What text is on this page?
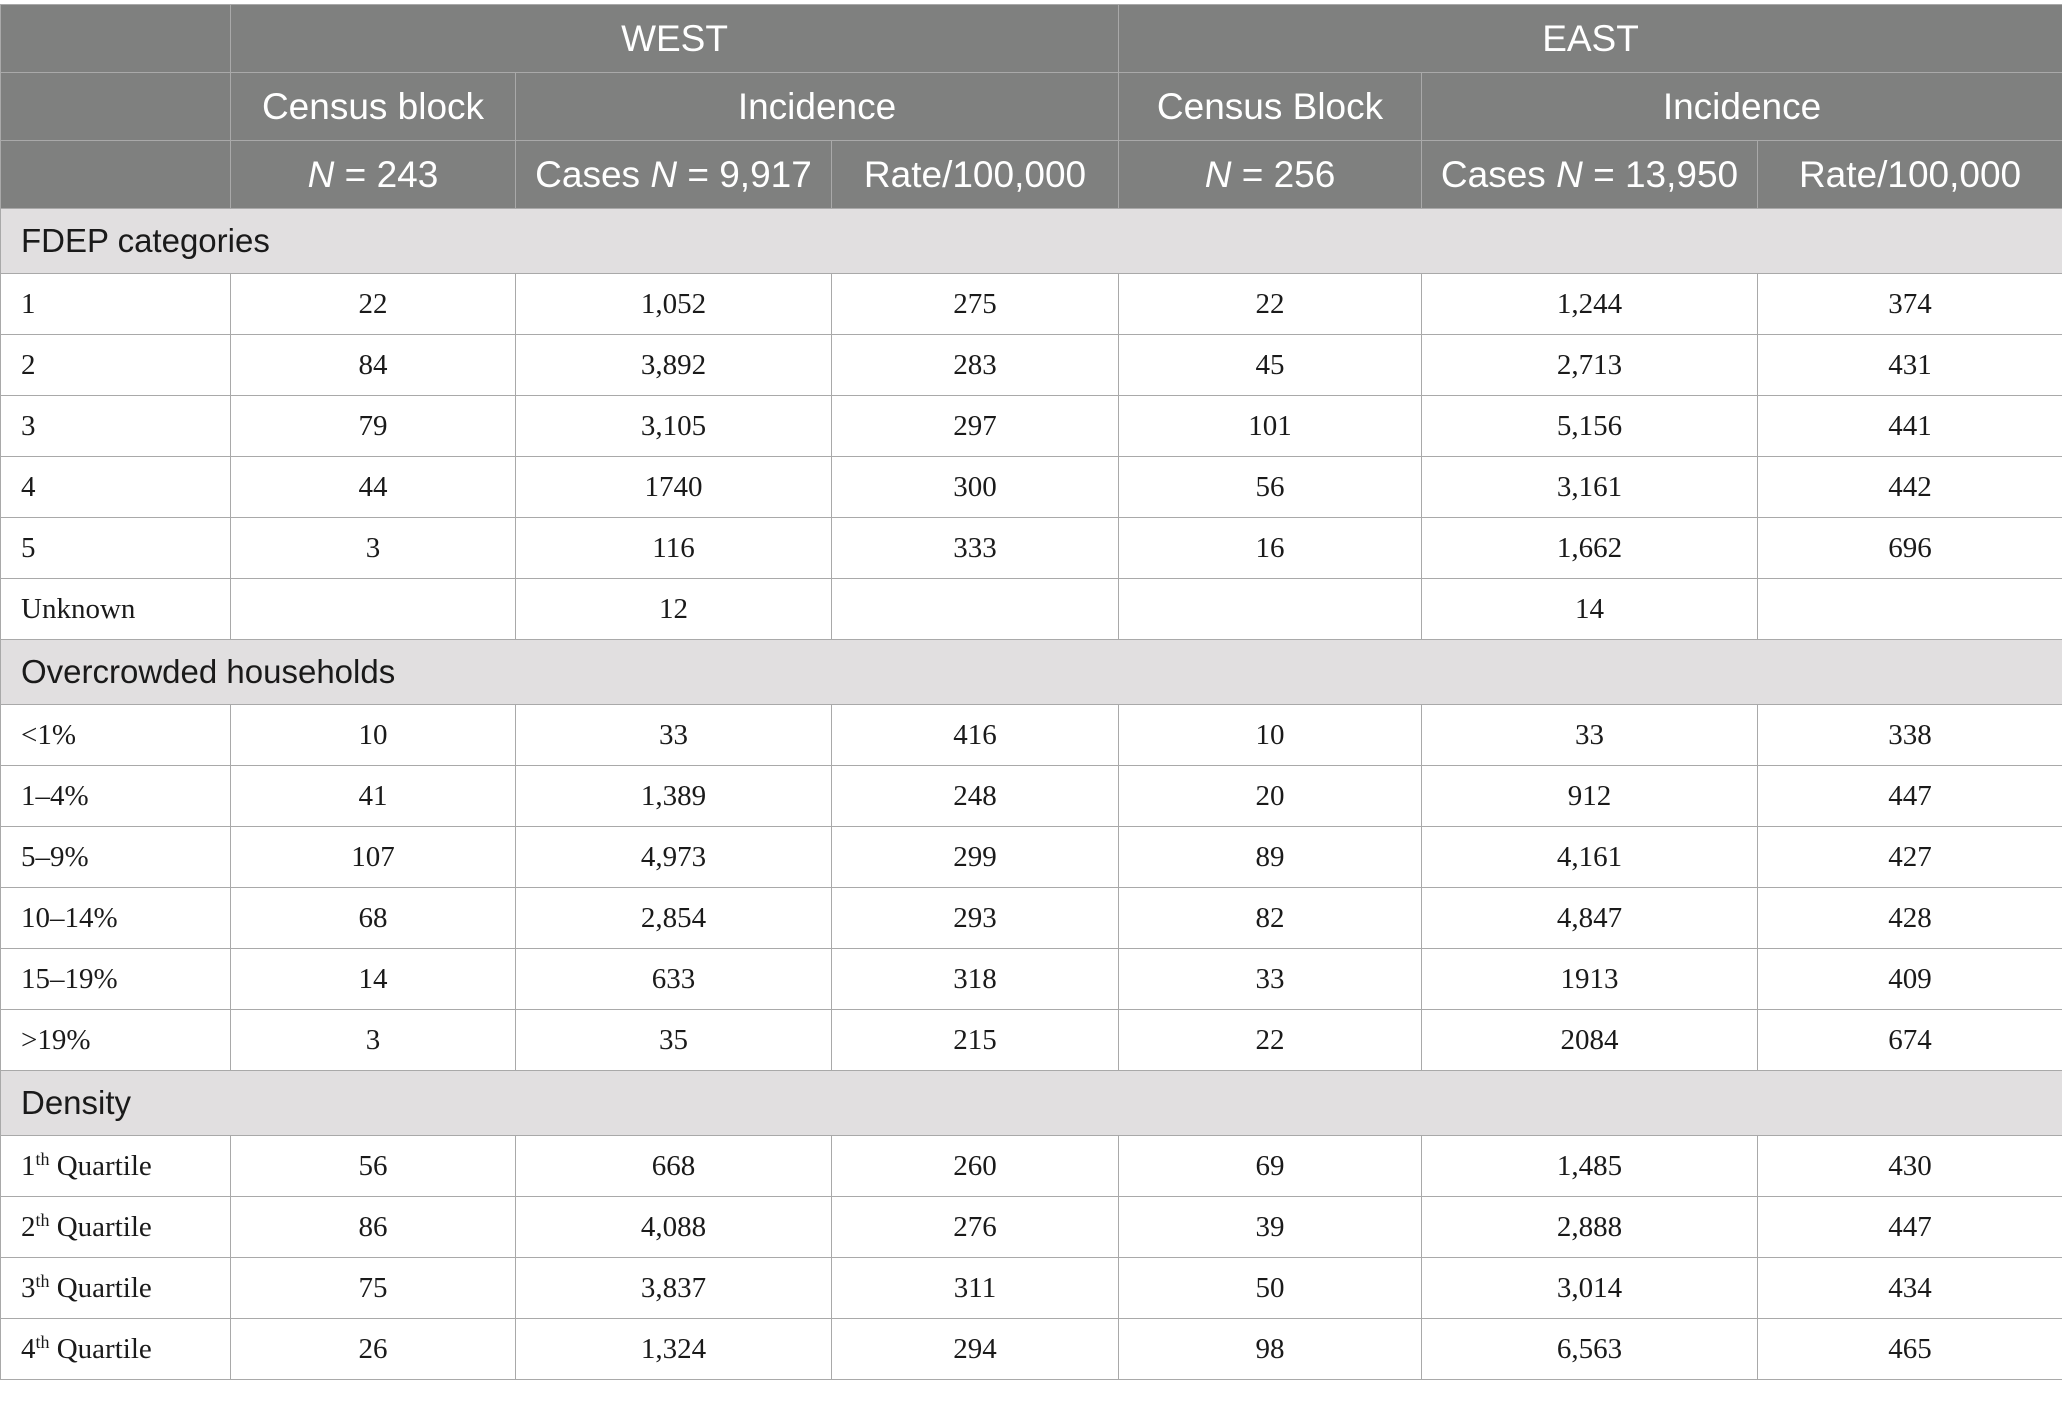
	WEST			EAST		
	Census block	Incidence		Census Block	Incidence	
	N = 243	Cases N = 9,917	Rate/100,000	N = 256	Cases N = 13,950	Rate/100,000
FDEP categories						
1	22	1,052	275	22	1,244	374
2	84	3,892	283	45	2,713	431
3	79	3,105	297	101	5,156	441
4	44	1740	300	56	3,161	442
5	3	116	333	16	1,662	696
Unknown		12			14	
Overcrowded households						
<1%	10	33	416	10	33	338
1–4%	41	1,389	248	20	912	447
5–9%	107	4,973	299	89	4,161	427
10–14%	68	2,854	293	82	4,847	428
15–19%	14	633	318	33	1913	409
>19%	3	35	215	22	2084	674
Density						
1th Quartile	56	668	260	69	1,485	430
2th Quartile	86	4,088	276	39	2,888	447
3th Quartile	75	3,837	311	50	3,014	434
4th Quartile	26	1,324	294	98	6,563	465
